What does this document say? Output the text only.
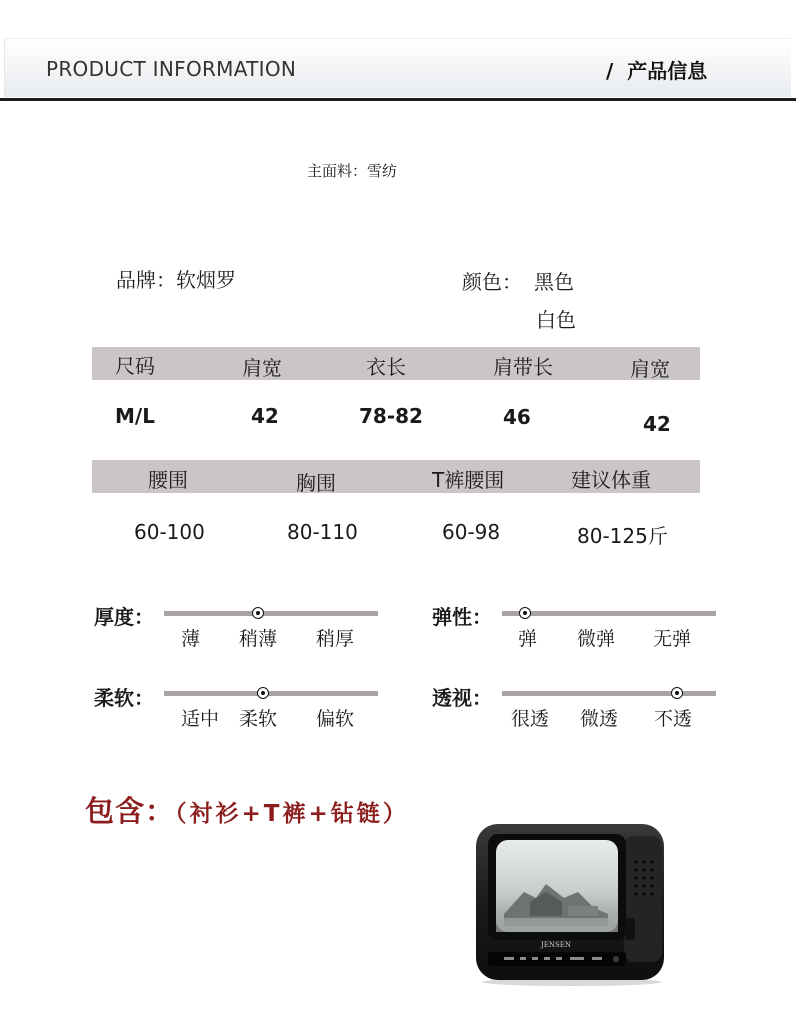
PRODUCT INFORMATION	/  产品信息
主面料：雪纺
品牌：软烟罗	颜色： 黑色
白色
尺码	肩宽	衣长	肩带长	肩宽
M/L	42	78-82	46	42
腰围	胸围	T裤腰围	建议体重
60-100	80-110	60-98	80-125斤
厚度：
薄 稍薄 稍厚
弹性：
弹 微弹 无弹
柔软：
适中 柔软 偏软
透视：
很透 微透 不透
包含：（衬衫+T裤+钻链）
JENSEN
